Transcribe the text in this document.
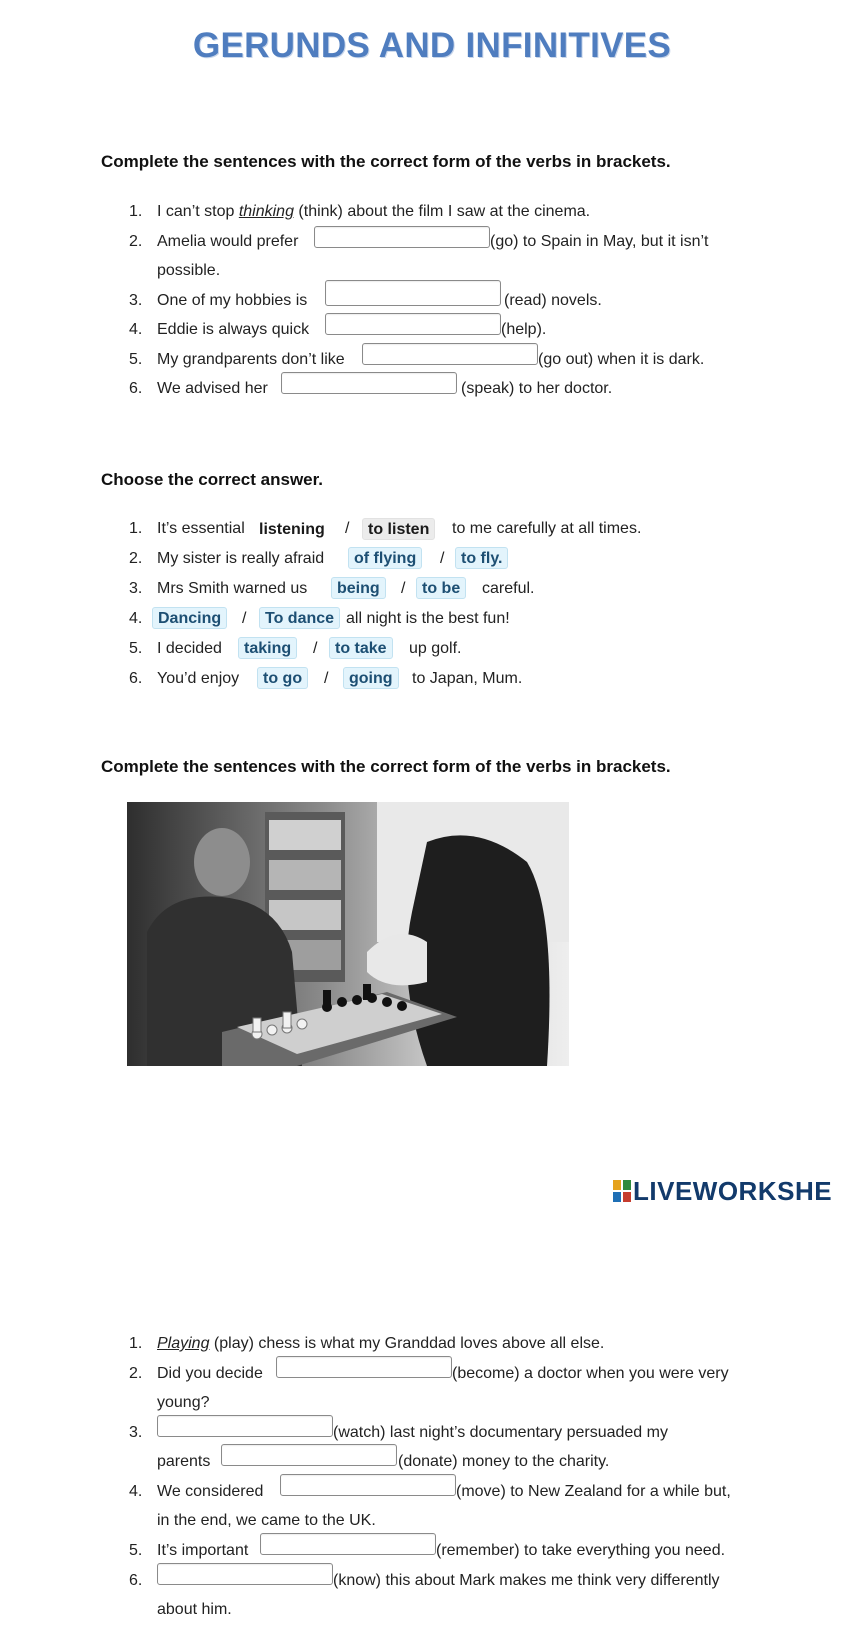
GERUNDS AND INFINITIVES
Complete the sentences with the correct form of the verbs in brackets.
1. I can’t stop thinking (think) about the film I saw at the cinema.
2. Amelia would prefer	(go) to Spain in May, but it isn’t
possible.
3. One of my hobbies is	(read) novels.
4. Eddie is always quick	(help).
5. My grandparents don’t like	(go out) when it is dark.
6. We advised her	(speak) to her doctor.
Choose the correct answer.
1. It’s essential listening	/	to listen	to me carefully at all times.
2. My sister is really afraid	of flying	/	to fly.
3. Mrs Smith warned us	being	/	to be	careful.
4. Dancing	/	To dance all night is the best fun!
5. I decided	taking	/	to take	up golf.
6. You’d enjoy	to go	/	going	to Japan, Mum.
Complete the sentences with the correct form of the verbs in brackets.
LIVEWORKSHE
1. Playing (play) chess is what my Granddad loves above all else.
2. Did you decide	(become) a doctor when you were very
young?
3.	(watch) last night’s documentary persuaded my
parents	(donate) money to the charity.
4. We considered	(move) to New Zealand for a while but,
in the end, we came to the UK.
5. It’s important	(remember) to take everything you need.
6.	(know) this about Mark makes me think very differently
about him.
